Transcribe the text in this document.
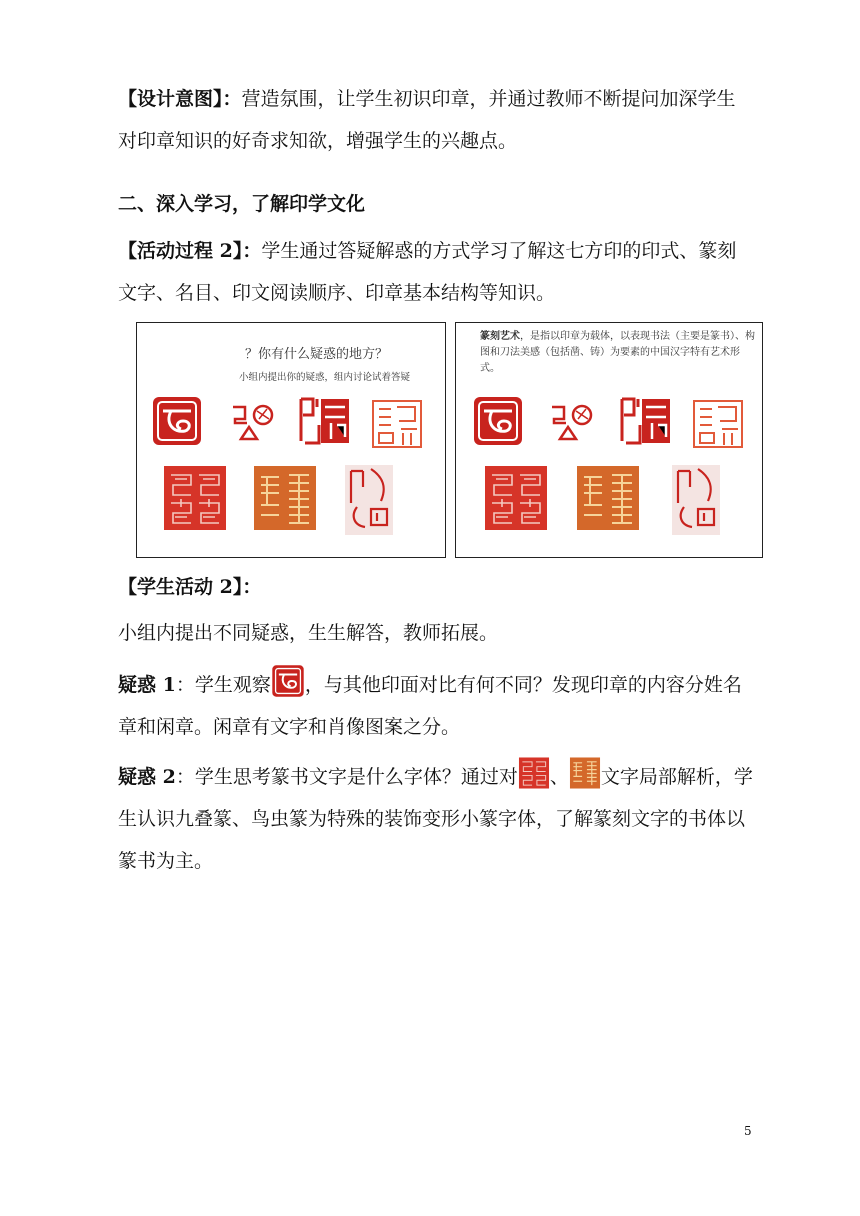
【设计意图】：营造氛围，让学生初识印章，并通过教师不断提问加深学生对印章知识的好奇求知欲，增强学生的兴趣点。
二、深入学习，了解印学文化
【活动过程 2】：学生通过答疑解惑的方式学习了解这七方印的印式、篆刻文字、名目、印文阅读顺序、印章基本结构等知识。
？你有什么疑惑的地方？
小组内提出你的疑惑，组内讨论试着答疑
篆刻艺术，是指以印章为载体，以表现书法（主要是篆书）、构图和刀法美感（包括凿、铸）为要素的中国汉字特有艺术形式。
【学生活动 2】：
小组内提出不同疑惑，生生解答，教师拓展。
疑惑 1：学生观察 ，与其他印面对比有何不同？发现印章的内容分姓名章和闲章。闲章有文字和肖像图案之分。
疑惑 2：学生思考篆书文字是什么字体？通过对 、 文字局部解析，学生认识九叠篆、鸟虫篆为特殊的装饰变形小篆字体，了解篆刻文字的书体以篆书为主。
5
